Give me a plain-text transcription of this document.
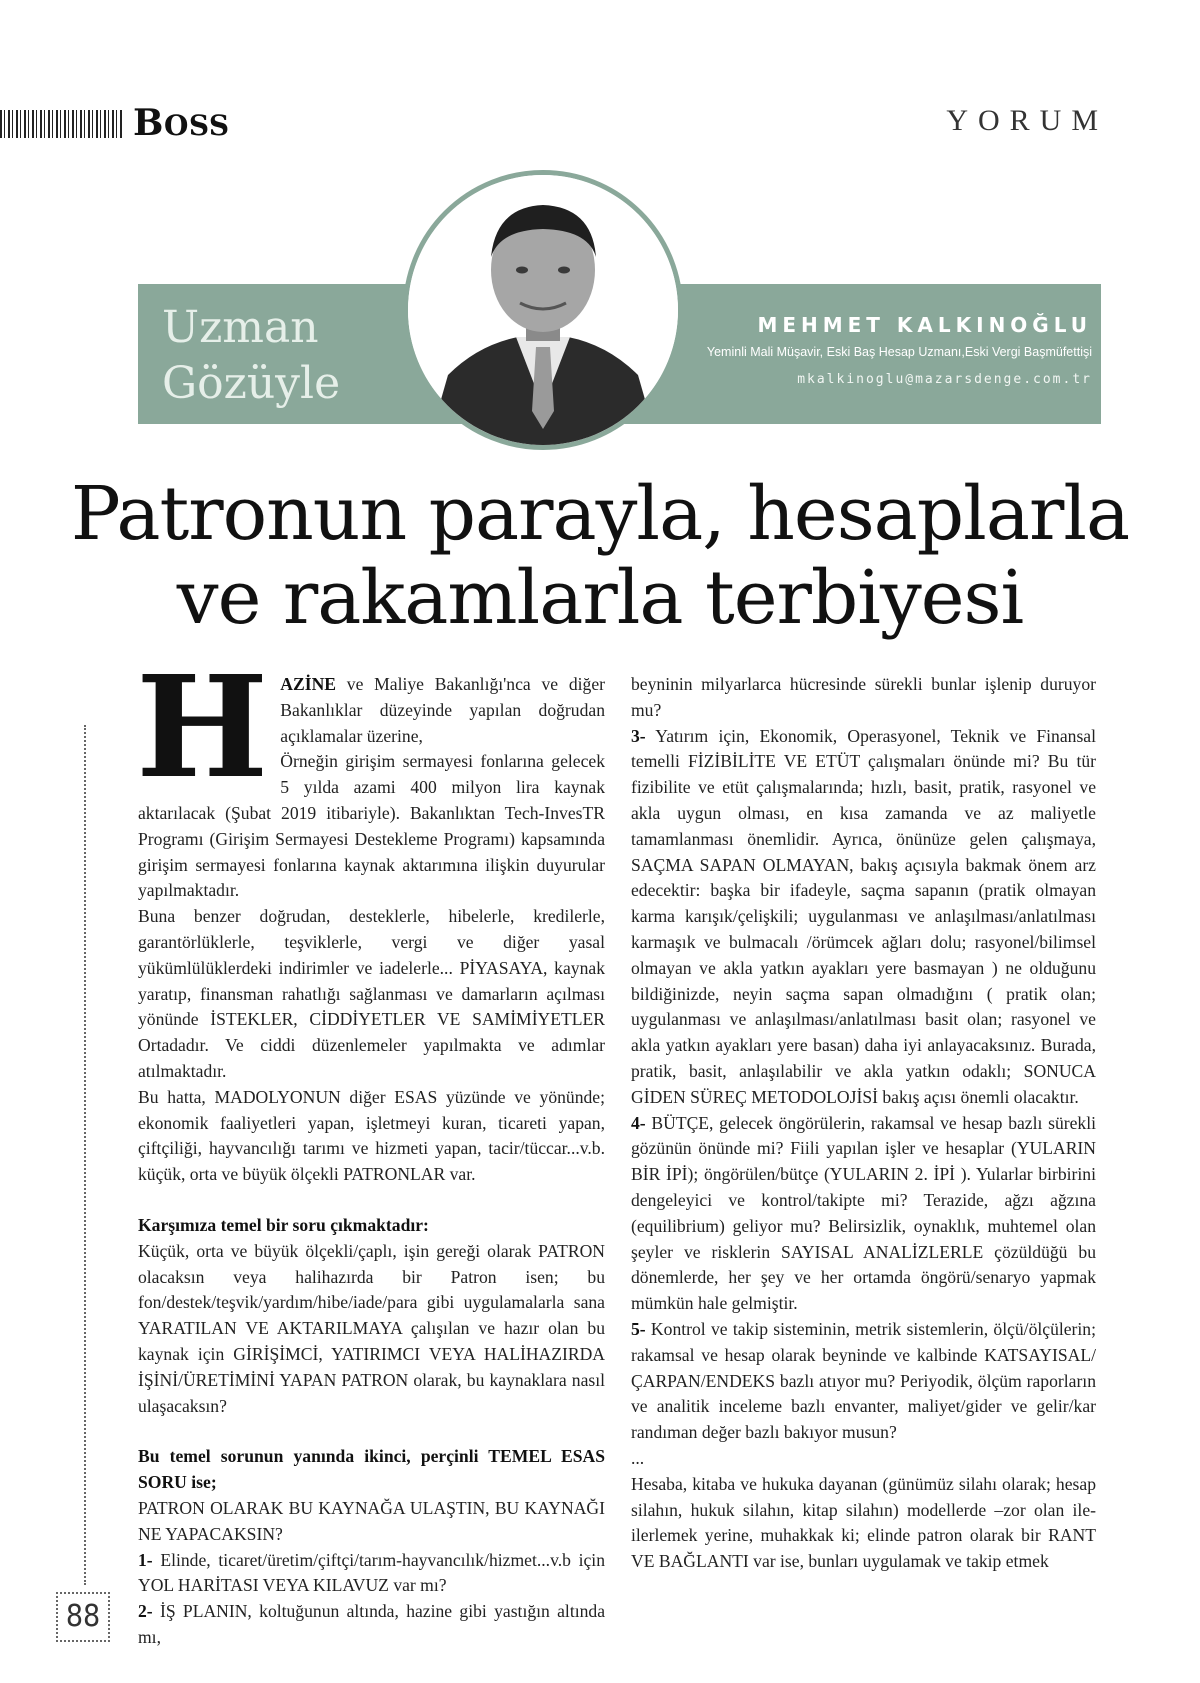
BOSS	YORUM
Uzman
Gözüyle
MEHMET KALKINOĞLU
Yeminli Mali Müşavir, Eski Baş Hesap Uzmanı,Eski Vergi Başmüfettişi
mkalkinoglu@mazarsdenge.com.tr
Patronun parayla, hesaplarla
ve rakamlarla terbiyesi
H AZİNE ve Maliye Bakanlığı'nca ve diğer Bakanlıklar düzeyinde yapılan doğrudan açıklamalar üzerine,

Örneğin girişim sermayesi fonlarına gelecek 5 yılda azami 400 milyon lira kaynak aktarılacak (Şubat 2019 itibariyle). Bakanlıktan Tech-InvesTR Programı (Girişim Sermayesi Destekleme Programı) kapsamında girişim sermayesi fonlarına kaynak aktarımına ilişkin duyurular yapılmaktadır.

Buna benzer doğrudan, desteklerle, hibelerle, kredilerle, garantörlüklerle, teşviklerle, vergi ve diğer yasal yükümlülüklerdeki indirimler ve iadelerle... PİYASAYA, kaynak yaratıp, finansman rahatlığı sağlanması ve damarların açılması yönünde İSTEKLER, CİDDİYETLER VE SAMİMİYETLER Ortadadır. Ve ciddi düzenlemeler yapılmakta ve adımlar atılmaktadır.

Bu hatta, MADOLYONUN diğer ESAS yüzünde ve yönünde; ekonomik faaliyetleri yapan, işletmeyi kuran, ticareti yapan, çiftçiliği, hayvancılığı tarımı ve hizmeti yapan, tacir/tüccar...v.b. küçük, orta ve büyük ölçekli PATRONLAR var.

Karşımıza temel bir soru çıkmaktadır:

Küçük, orta ve büyük ölçekli/çaplı, işin gereği olarak PATRON olacaksın veya halihazırda bir Patron isen; bu fon/destek/teşvik/yardım/hibe/iade/para gibi uygulamalarla sana YARATILAN VE AKTARILMAYA çalışılan ve hazır olan bu kaynak için GİRİŞİMCİ, YATIRIMCI VEYA HALİHAZIRDA İŞİNİ/ÜRETİMİNİ YAPAN PATRON olarak, bu kaynaklara nasıl ulaşacaksın?

Bu temel sorunun yanında ikinci, perçinli TEMEL ESAS SORU ise;

PATRON OLARAK BU KAYNAĞA ULAŞTIN, BU KAYNAĞI NE YAPACAKSIN?

1- Elinde, ticaret/üretim/çiftçi/tarım-hayvancılık/hizmet...v.b için YOL HARİTASI VEYA KILAVUZ var mı?

2- İŞ PLANIN, koltuğunun altında, hazine gibi yastığın altında mı,

beyninin milyarlarca hücresinde sürekli bunlar işlenip duruyor mu?

3- Yatırım için, Ekonomik, Operasyonel, Teknik ve Finansal temelli FİZİBİLİTE VE ETÜT çalışmaları önünde mi? Bu tür fizibilite ve etüt çalışmalarında; hızlı, basit, pratik, rasyonel ve akla uygun olması, en kısa zamanda ve az maliyetle tamamlanması önemlidir. Ayrıca, önünüze gelen çalışmaya, SAÇMA SAPAN OLMAYAN, bakış açısıyla bakmak önem arz edecektir: başka bir ifadeyle, saçma sapanın (pratik olmayan karma karışık/çelişkili; uygulanması ve anlaşılması/anlatılması karmaşık ve bulmacalı /örümcek ağları dolu; rasyonel/bilimsel olmayan ve akla yatkın ayakları yere basmayan ) ne olduğunu bildiğinizde, neyin saçma sapan olmadığını ( pratik olan; uygulanması ve anlaşılması/anlatılması basit olan; rasyonel ve akla yatkın ayakları yere basan) daha iyi anlayacaksınız. Burada, pratik, basit, anlaşılabilir ve akla yatkın odaklı; SONUCA GİDEN SÜREÇ METODOLOJİSİ bakış açısı önemli olacaktır.

4- BÜTÇE, gelecek öngörülerin, rakamsal ve hesap bazlı sürekli gözünün önünde mi? Fiili yapılan işler ve hesaplar (YULARIN BİR İPİ); öngörülen/bütçe (YULARIN 2. İPİ ). Yularlar birbirini dengeleyici ve kontrol/takipte mi? Terazide, ağzı ağzına (equilibrium) geliyor mu? Belirsizlik, oynaklık, muhtemel olan şeyler ve risklerin SAYISAL ANALİZLERLE çözüldüğü bu dönemlerde, her şey ve her ortamda öngörü/senaryo yapmak mümkün hale gelmiştir.

5- Kontrol ve takip sisteminin, metrik sistemlerin, ölçü/ölçülerin; rakamsal ve hesap olarak beyninde ve kalbinde KATSAYISAL/ÇARPAN/ENDEKS bazlı atıyor mu? Periyodik, ölçüm raporların ve analitik inceleme bazlı envanter, maliyet/gider ve gelir/kar randıman değer bazlı bakıyor musun?

...

Hesaba, kitaba ve hukuka dayanan (günümüz silahı olarak; hesap silahın, hukuk silahın, kitap silahın) modellerde –zor olan ile- ilerlemek yerine, muhakkak ki; elinde patron olarak bir RANT VE BAĞLANTI var ise, bunları uygulamak ve takip etmek

88
